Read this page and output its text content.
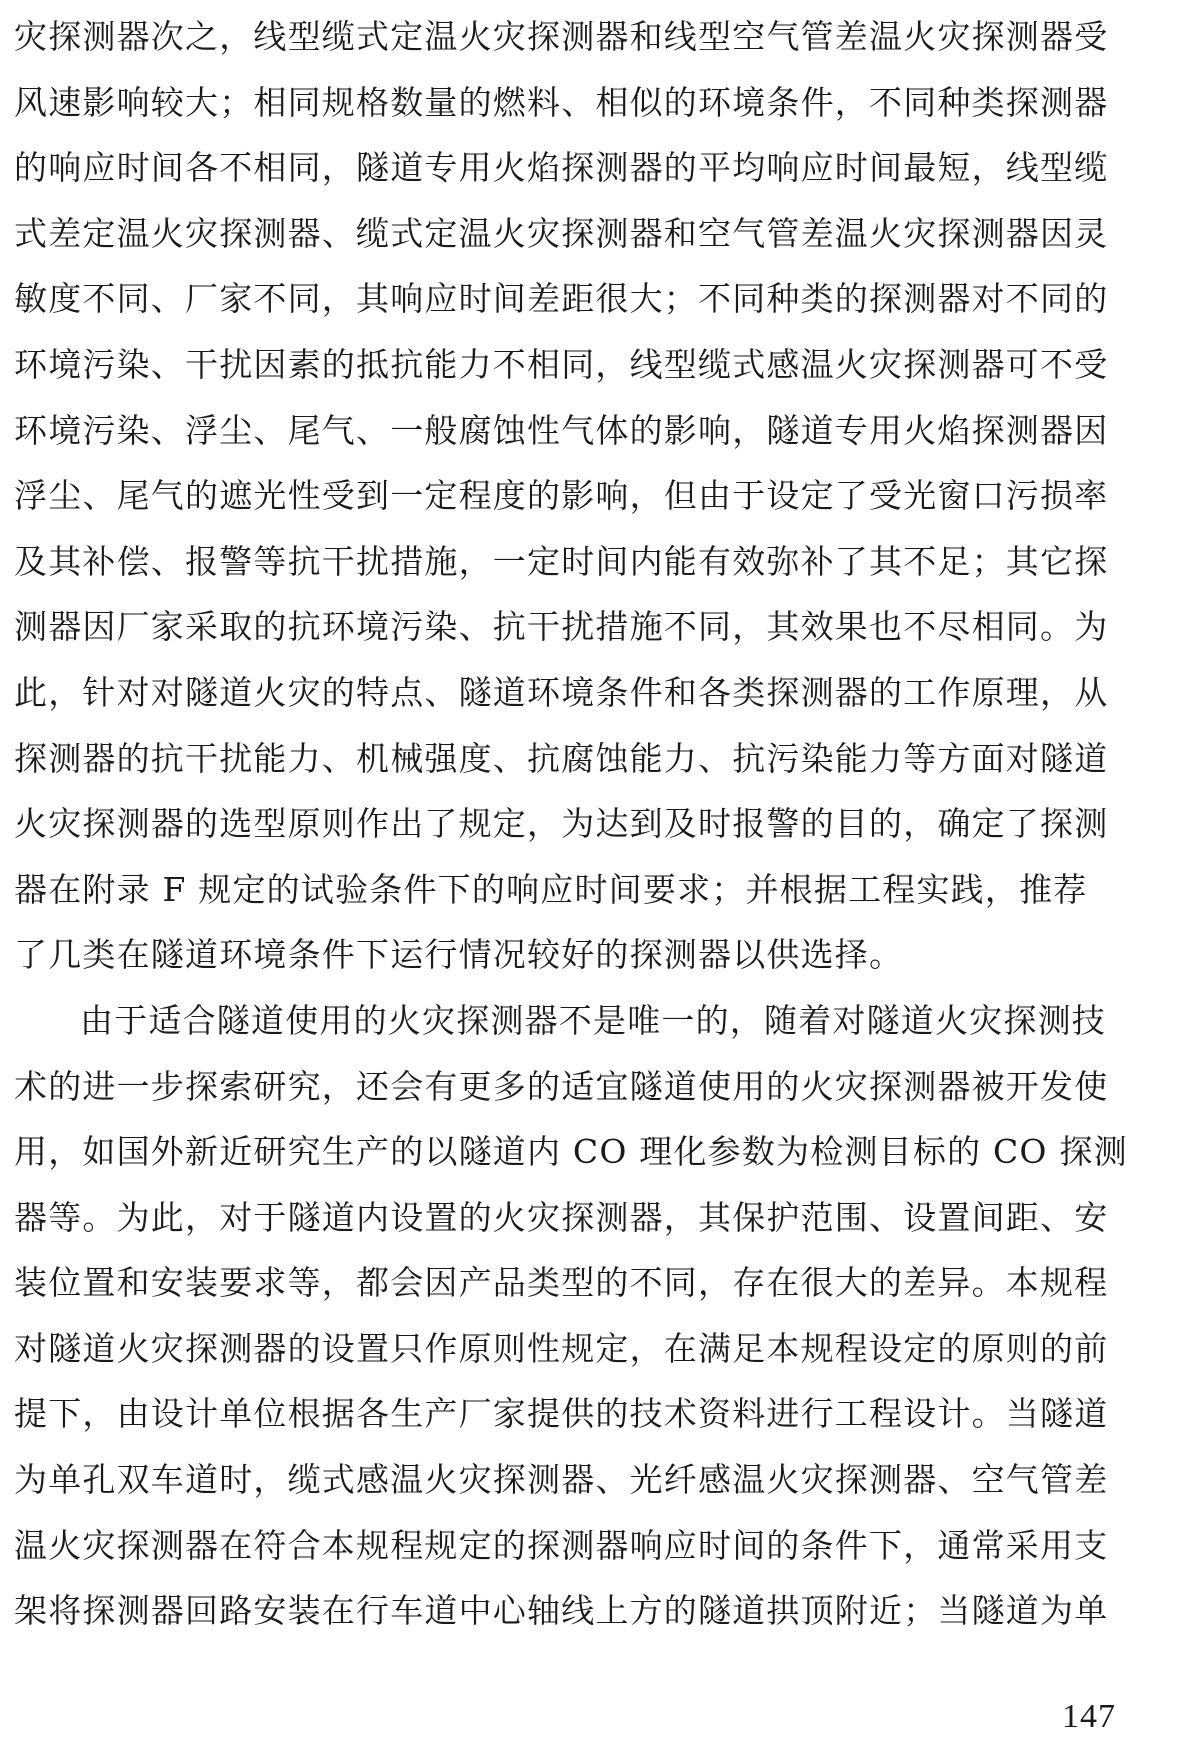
灾探测器次之，线型缆式定温火灾探测器和线型空气管差温火灾探测器受
风速影响较大；相同规格数量的燃料、相似的环境条件，不同种类探测器
的响应时间各不相同，隧道专用火焰探测器的平均响应时间最短，线型缆
式差定温火灾探测器、缆式定温火灾探测器和空气管差温火灾探测器因灵
敏度不同、厂家不同，其响应时间差距很大；不同种类的探测器对不同的
环境污染、干扰因素的抵抗能力不相同，线型缆式感温火灾探测器可不受
环境污染、浮尘、尾气、一般腐蚀性气体的影响，隧道专用火焰探测器因
浮尘、尾气的遮光性受到一定程度的影响，但由于设定了受光窗口污损率
及其补偿、报警等抗干扰措施，一定时间内能有效弥补了其不足；其它探
测器因厂家采取的抗环境污染、抗干扰措施不同，其效果也不尽相同。为
此，针对对隧道火灾的特点、隧道环境条件和各类探测器的工作原理，从
探测器的抗干扰能力、机械强度、抗腐蚀能力、抗污染能力等方面对隧道
火灾探测器的选型原则作出了规定，为达到及时报警的目的，确定了探测
器在附录 F 规定的试验条件下的响应时间要求；并根据工程实践，推荐
了几类在隧道环境条件下运行情况较好的探测器以供选择。
由于适合隧道使用的火灾探测器不是唯一的，随着对隧道火灾探测技
术的进一步探索研究，还会有更多的适宜隧道使用的火灾探测器被开发使
用，如国外新近研究生产的以隧道内 CO 理化参数为检测目标的 CO 探测
器等。为此，对于隧道内设置的火灾探测器，其保护范围、设置间距、安
装位置和安装要求等，都会因产品类型的不同，存在很大的差异。本规程
对隧道火灾探测器的设置只作原则性规定，在满足本规程设定的原则的前
提下，由设计单位根据各生产厂家提供的技术资料进行工程设计。当隧道
为单孔双车道时，缆式感温火灾探测器、光纤感温火灾探测器、空气管差
温火灾探测器在符合本规程规定的探测器响应时间的条件下，通常采用支
架将探测器回路安装在行车道中心轴线上方的隧道拱顶附近；当隧道为单
147
